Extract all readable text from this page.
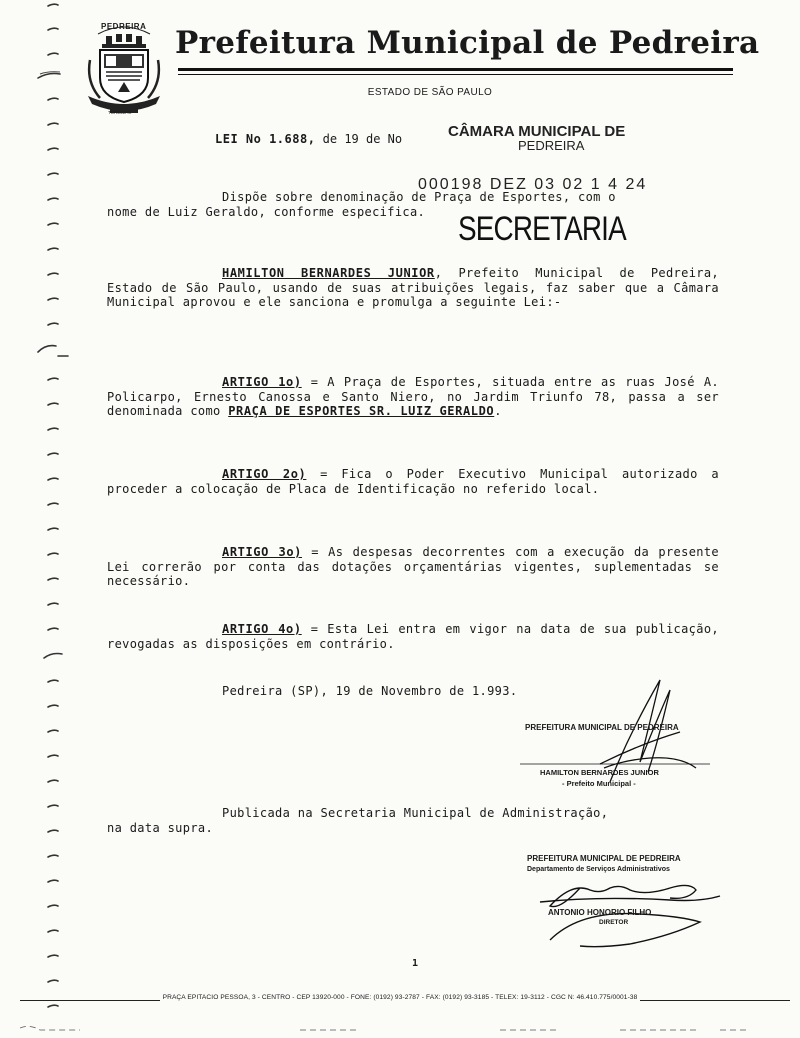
PEDREIRA
TORELLAS
Prefeitura Municipal de Pedreira
ESTADO DE SÃO PAULO
LEI No 1.688, de 19 de No	CÂMARA MUNICIPAL DE
PEDREIRA
Dispõe sobre denominação de Praça de Esportes, com o
nome de Luiz Geraldo, conforme especifica.
000198 DEZ 03 02 1 4 24
SECRETARIA
HAMILTON BERNARDES JUNIOR, Prefeito Municipal de Pedreira, Estado de São Paulo, usando de suas atribuições legais, faz saber que a Câmara Municipal aprovou e ele sanciona e promulga a seguinte Lei:-
ARTIGO 1o) = A Praça de Esportes, situada entre as ruas José A. Policarpo, Ernesto Canossa e Santo Niero, no Jardim Triunfo 78, passa a ser denominada como PRAÇA DE ESPORTES SR. LUIZ GERALDO.
ARTIGO 2o) = Fica o Poder Executivo Municipal autorizado a proceder a colocação de Placa de Identificação no referido local.
ARTIGO 3o) = As despesas decorrentes com a execução da presente Lei correrão por conta das dotações orçamentárias vigentes, suplementadas se necessário.
ARTIGO 4o) = Esta Lei entra em vigor na data de sua publicação, revogadas as disposições em contrário.
Pedreira (SP), 19 de Novembro de 1.993.
PREFEITURA MUNICIPAL DE PEDREIRA
HAMILTON BERNARDES JUNIOR
- Prefeito Municipal -
Publicada na Secretaria Municipal de Administração,
na data supra.
PREFEITURA MUNICIPAL DE PEDREIRA
Departamento de Serviços Administrativos
ANTONIO HONORIO FILHO
DIRETOR
1
PRAÇA EPITACIO PESSOA, 3 - CENTRO - CEP 13920-000 - FONE: (0192) 93-2787 - FAX: (0192) 93-3185 - TELEX: 19-3112 - CGC N: 46.410.775/0001-38
